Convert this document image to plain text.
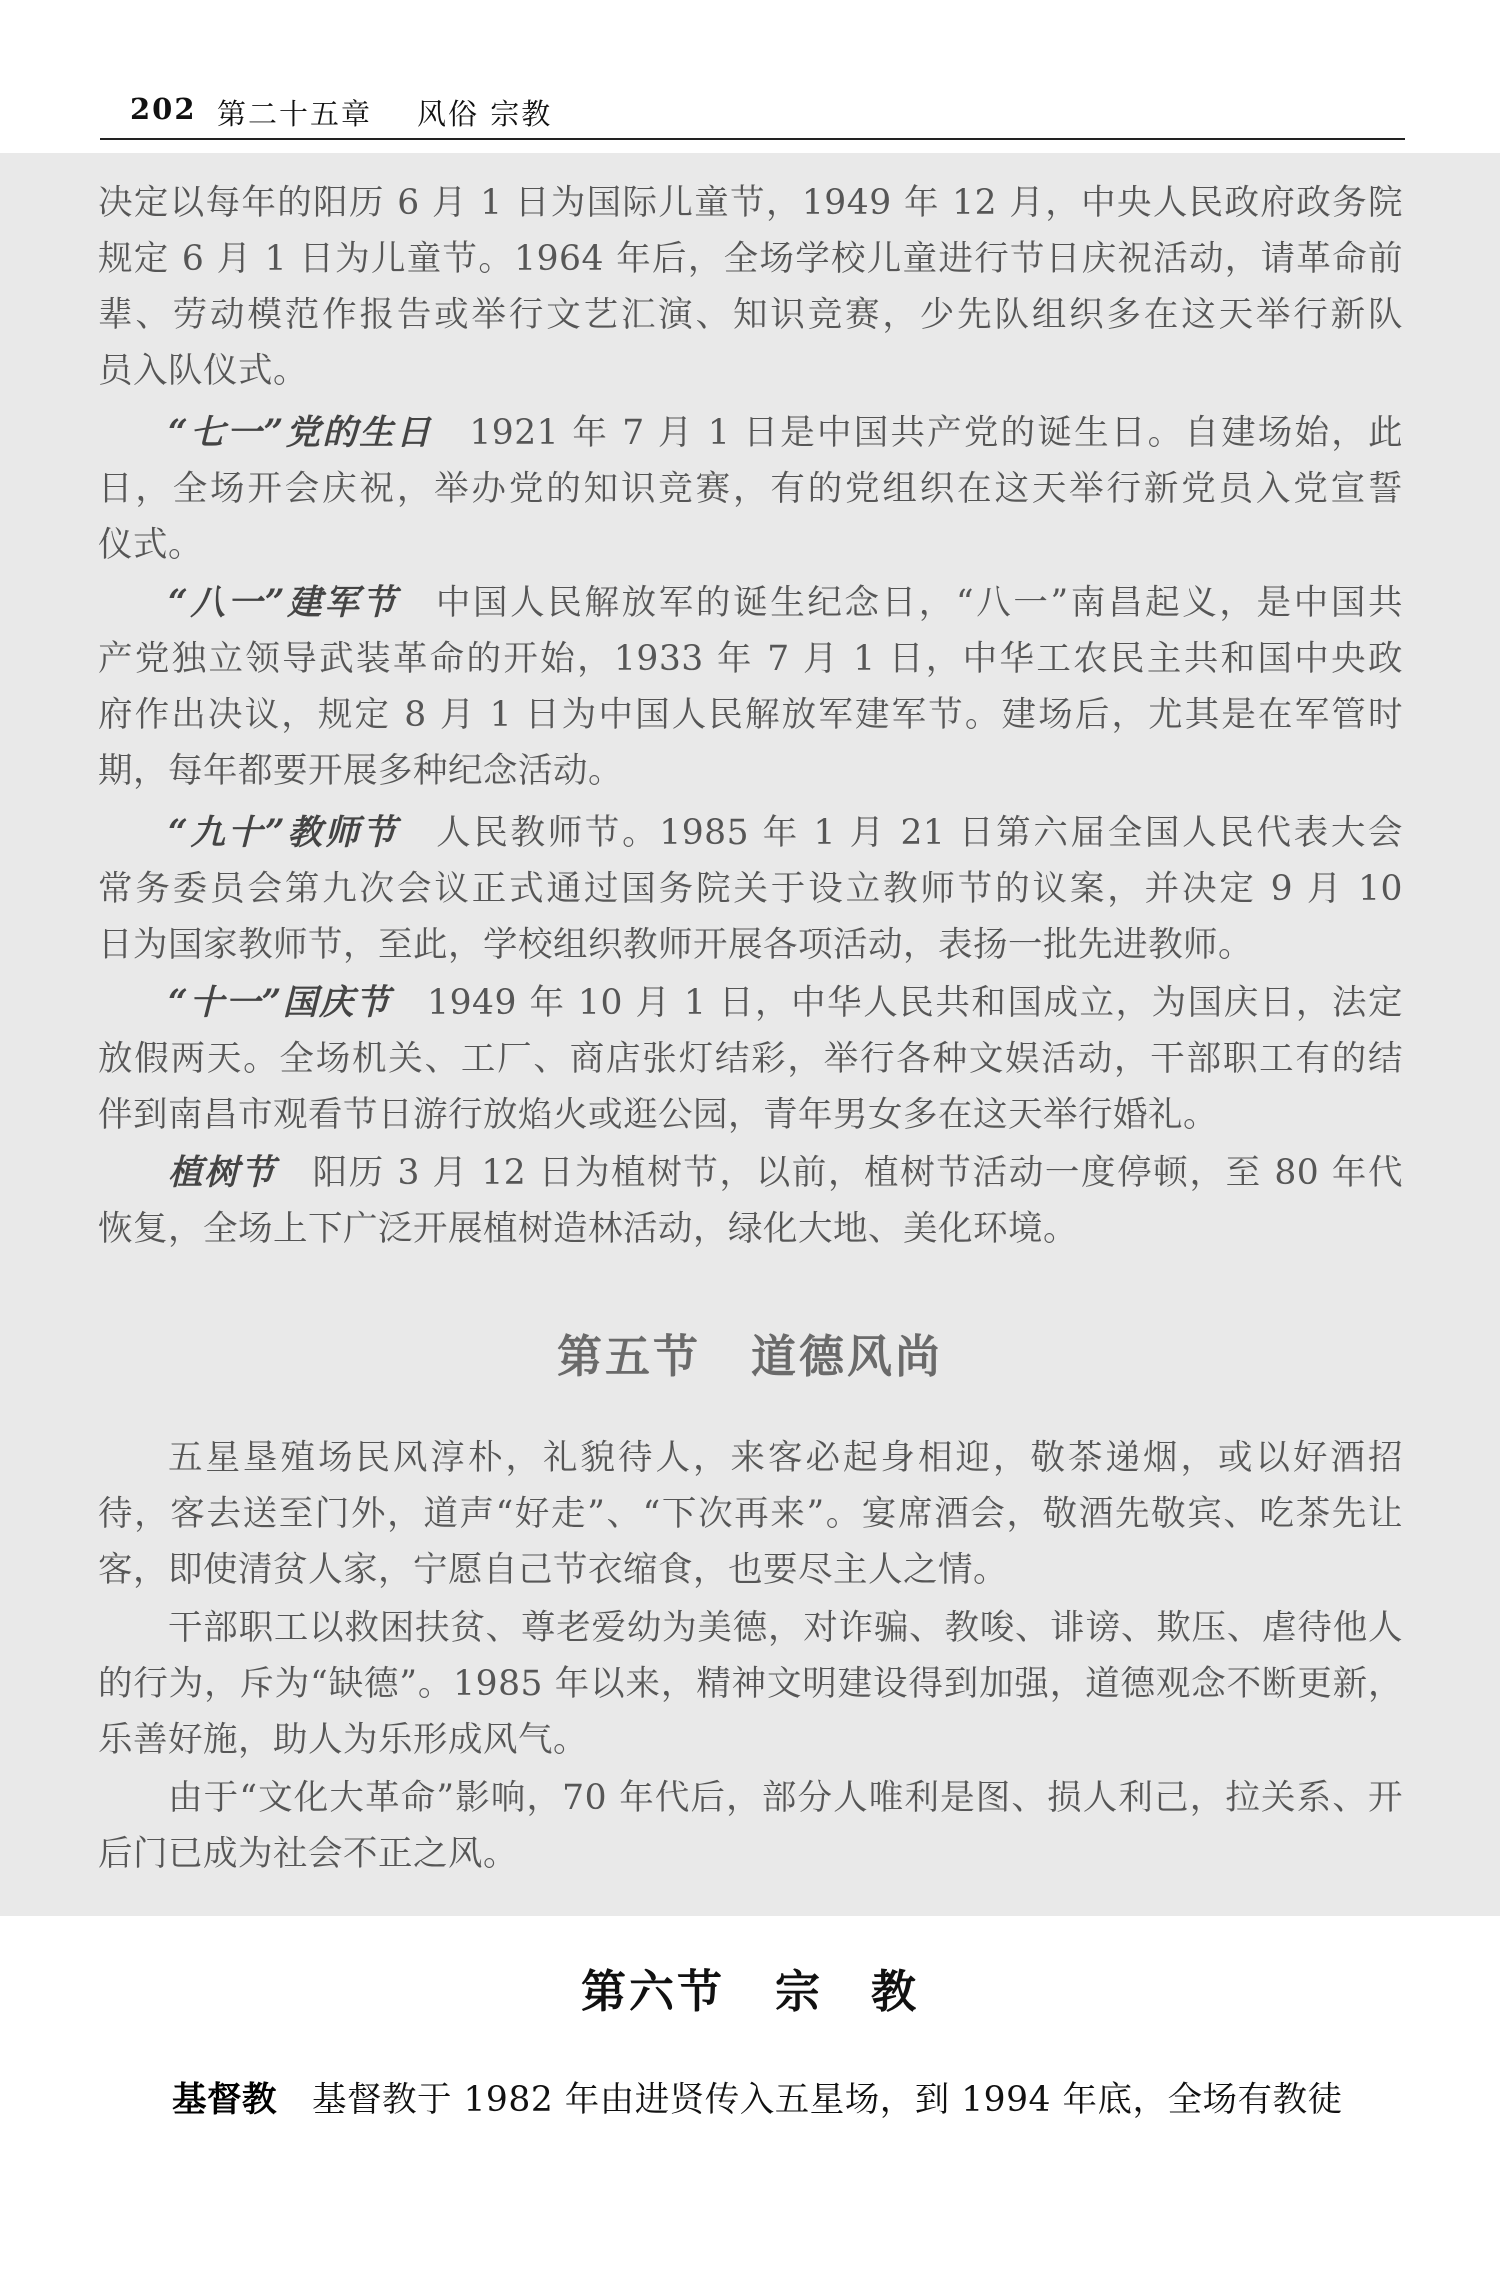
202 第二十五章 风俗 宗教

决定以每年的阳历 6 月 1 日为国际儿童节，1949 年 12 月，中央人民政府政务院

规定 6 月 1 日为儿童节。1964 年后，全场学校儿童进行节日庆祝活动，请革命前

辈、劳动模范作报告或举行文艺汇演、知识竞赛，少先队组织多在这天举行新队

员入队仪式。

“七一”党的生日　 1921 年 7 月 1 日是中国共产党的诞生日。自建场始，此

日，全场开会庆祝，举办党的知识竞赛，有的党组织在这天举行新党员入党宣誓

仪式。

“八一”建军节　 中国人民解放军的诞生纪念日，“八一”南昌起义，是中国共

产党独立领导武装革命的开始，1933 年 7 月 1 日，中华工农民主共和国中央政

府作出决议，规定 8 月 1 日为中国人民解放军建军节。建场后，尤其是在军管时

期，每年都要开展多种纪念活动。

“九十”教师节　 人民教师节。1985 年 1 月 21 日第六届全国人民代表大会

常务委员会第九次会议正式通过国务院关于设立教师节的议案，并决定 9 月 10

日为国家教师节，至此，学校组织教师开展各项活动，表扬一批先进教师。

“十一”国庆节　 1949 年 10 月 1 日，中华人民共和国成立，为国庆日，法定

放假两天。全场机关、工厂、商店张灯结彩，举行各种文娱活动，干部职工有的结

伴到南昌市观看节日游行放焰火或逛公园，青年男女多在这天举行婚礼。

植树节　 阳历 3 月 12 日为植树节，以前，植树节活动一度停顿，至 80 年代

恢复，全场上下广泛开展植树造林活动，绿化大地、美化环境。

第五节 道德风尚

五星垦殖场民风淳朴，礼貌待人，来客必起身相迎，敬茶递烟，或以好酒招

待，客去送至门外，道声“好走”、“下次再来”。宴席酒会，敬酒先敬宾、吃茶先让

客，即使清贫人家，宁愿自己节衣缩食，也要尽主人之情。

干部职工以救困扶贫、尊老爱幼为美德，对诈骗、教唆、诽谤、欺压、虐待他人

的行为，斥为“缺德”。1985 年以来，精神文明建设得到加强，道德观念不断更新，

乐善好施，助人为乐形成风气。

由于“文化大革命”影响，70 年代后，部分人唯利是图、损人利己，拉关系、开

后门已成为社会不正之风。

第六节 宗　教

基督教　 基督教于 1982 年由进贤传入五星场，到 1994 年底，全场有教徒
